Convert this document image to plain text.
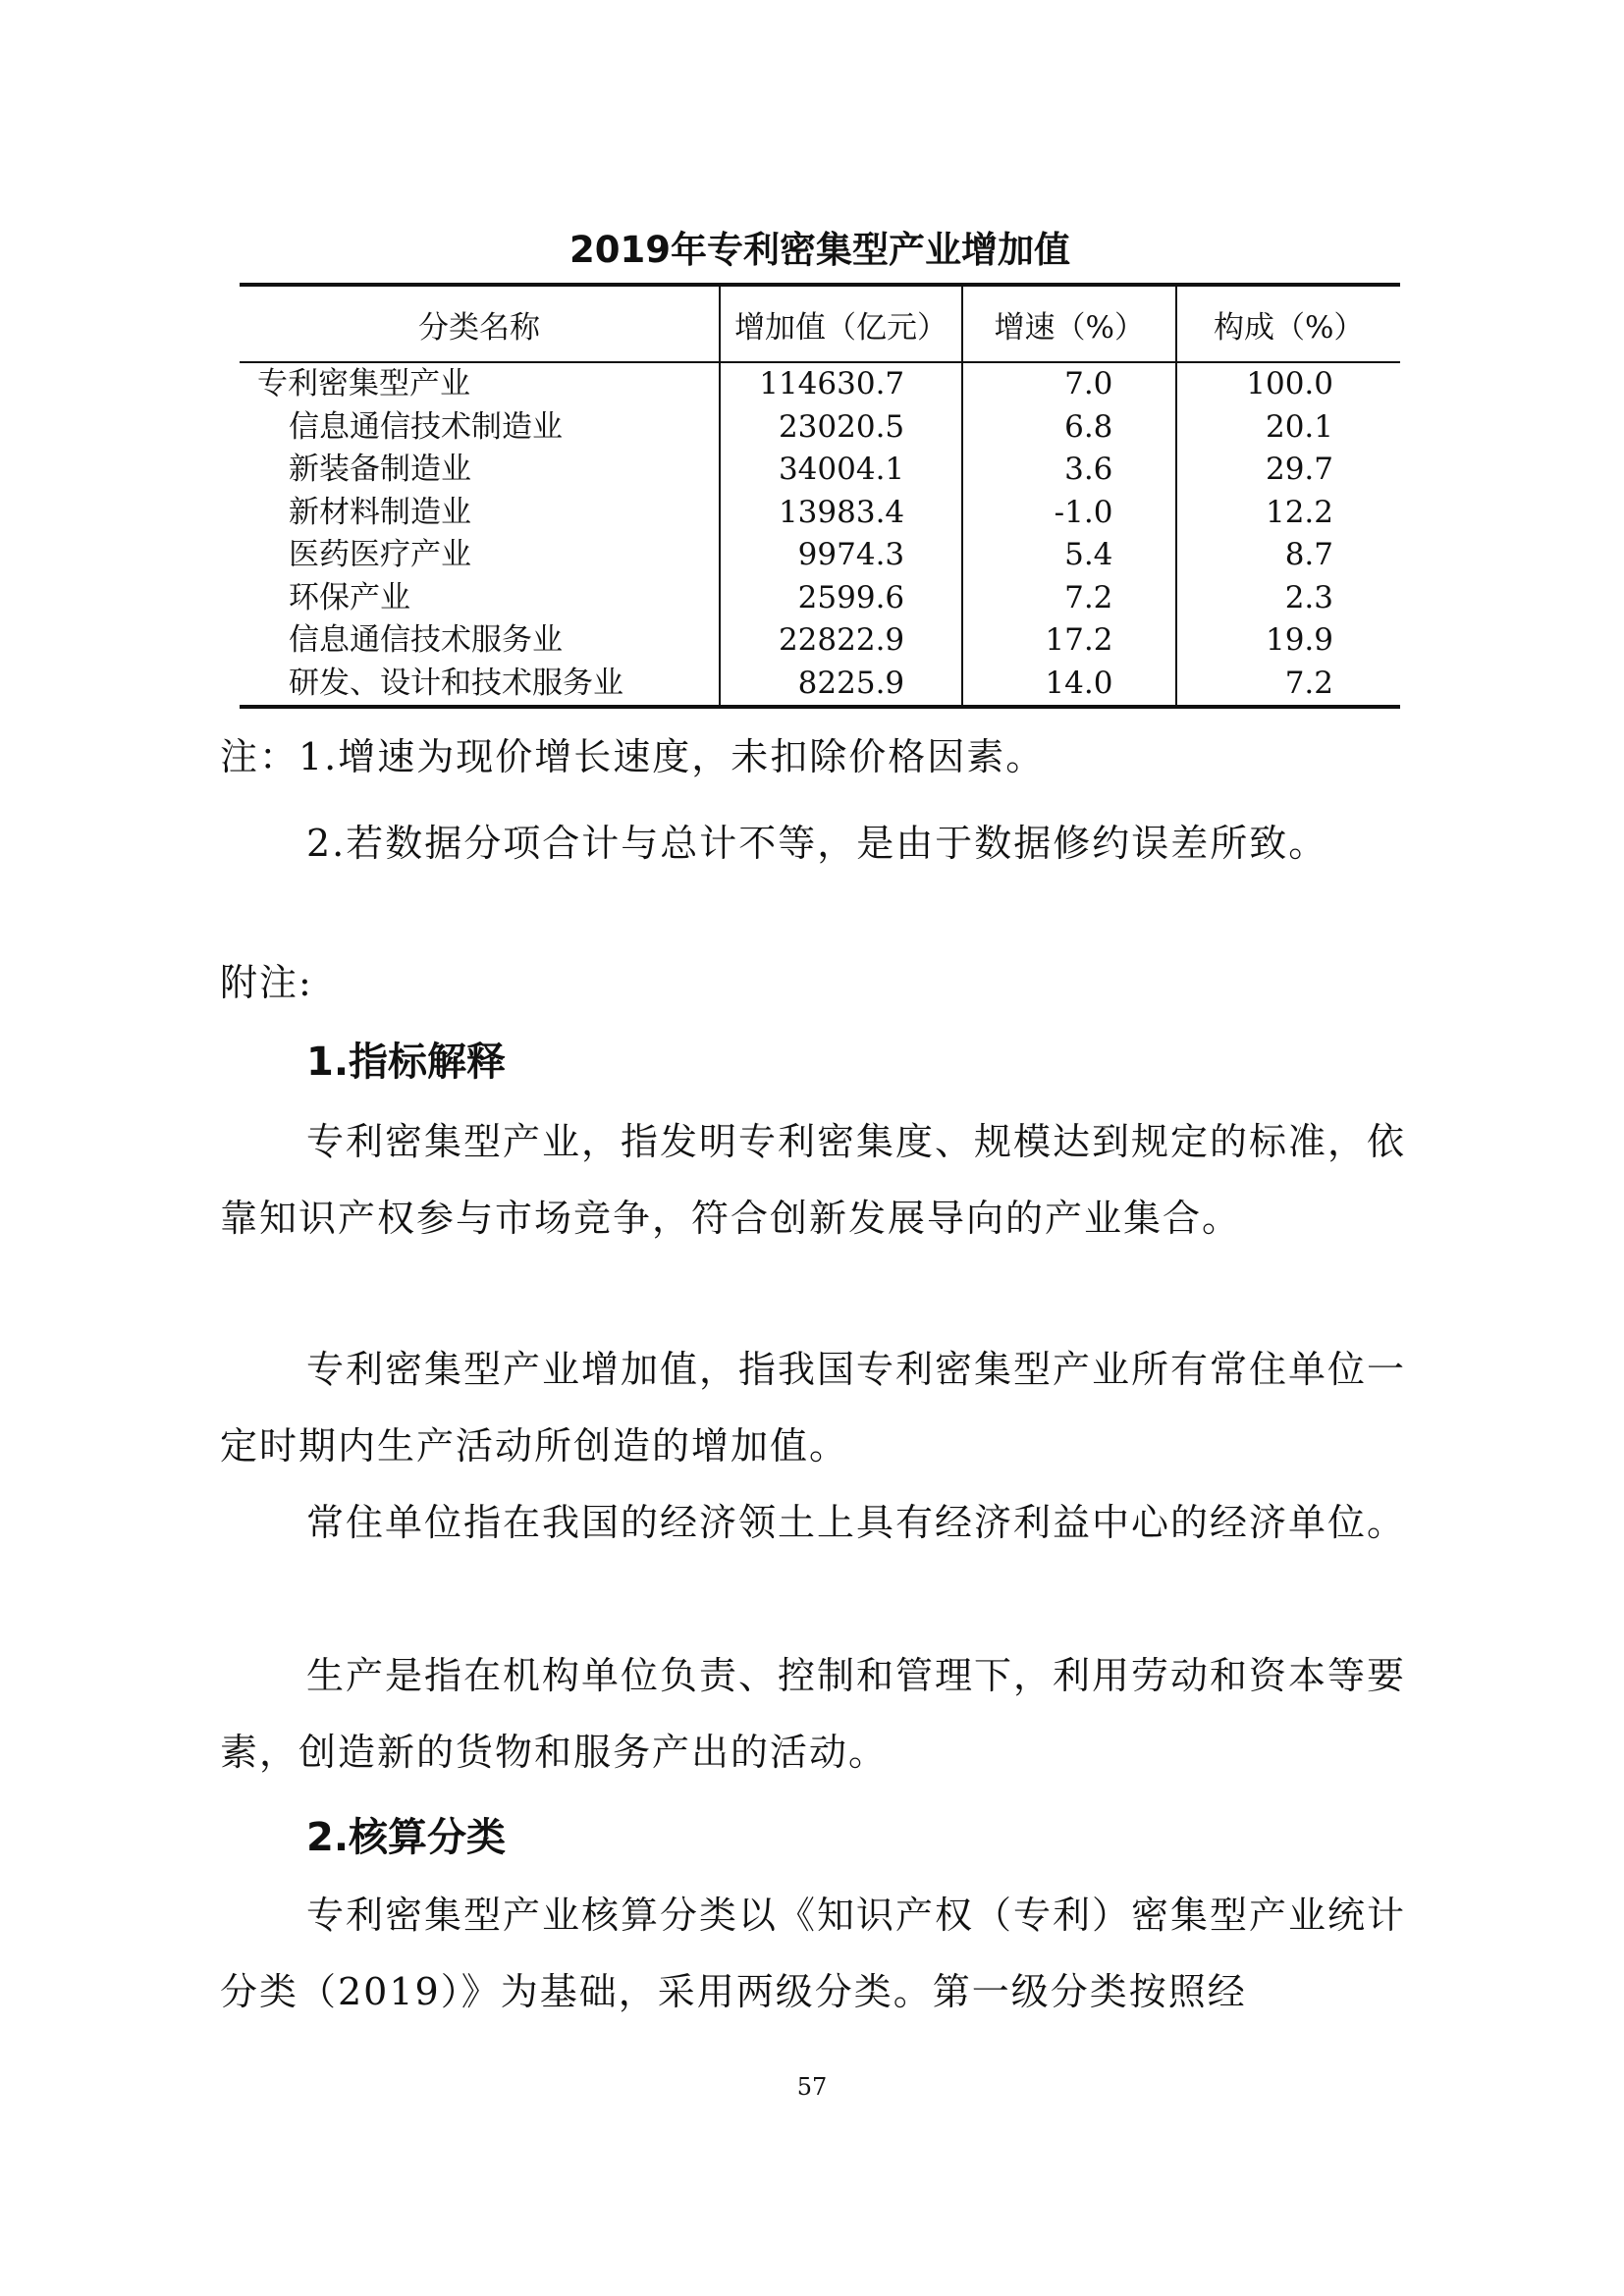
2019年专利密集型产业增加值
分类名称	增加值（亿元）	增速（%）	构成（%）
专利密集型产业	114630.7	7.0	100.0
信息通信技术制造业	23020.5	6.8	20.1
新装备制造业	34004.1	3.6	29.7
新材料制造业	13983.4	-1.0	12.2
医药医疗产业	9974.3	5.4	8.7
环保产业	2599.6	7.2	2.3
信息通信技术服务业	22822.9	17.2	19.9
研发、设计和技术服务业	8225.9	14.0	7.2

注：1.增速为现价增长速度，未扣除价格因素。

2.若数据分项合计与总计不等，是由于数据修约误差所致。

附注:

1.指标解释

专利密集型产业，指发明专利密集度、规模达到规定的标准，依靠知识产权参与市场竞争，符合创新发展导向的产业集合。

专利密集型产业增加值，指我国专利密集型产业所有常住单位一定时期内生产活动所创造的增加值。

常住单位指在我国的经济领土上具有经济利益中心的经济单位。

生产是指在机构单位负责、控制和管理下，利用劳动和资本等要素，创造新的货物和服务产出的活动。

2.核算分类

专利密集型产业核算分类以《知识产权（专利）密集型产业统计分类（2019）》为基础，采用两级分类。第一级分类按照经

57
